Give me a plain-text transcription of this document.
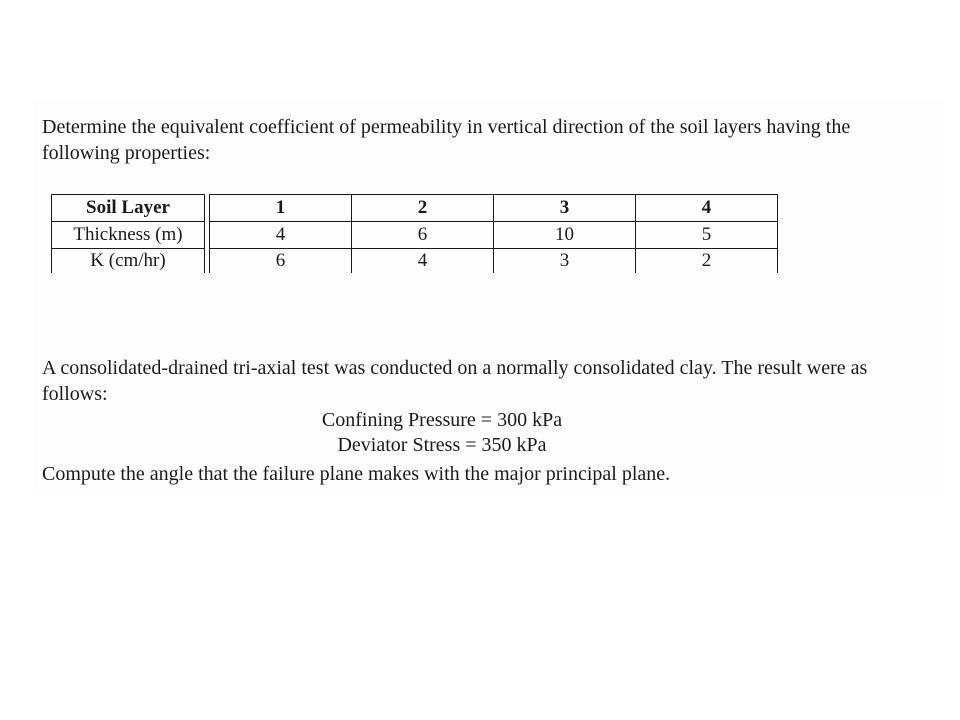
Determine the equivalent coefficient of permeability in vertical direction of the soil layers having the following properties:

Soil Layer		1	2	3	4
Thickness (m)		4	6	10	5
K (cm/hr)		6	4	3	2

A consolidated-drained tri-axial test was conducted on a normally consolidated clay. The result were as follows:

Confining Pressure = 300 kPa
Deviator Stress = 350 kPa

Compute the angle that the failure plane makes with the major principal plane.
